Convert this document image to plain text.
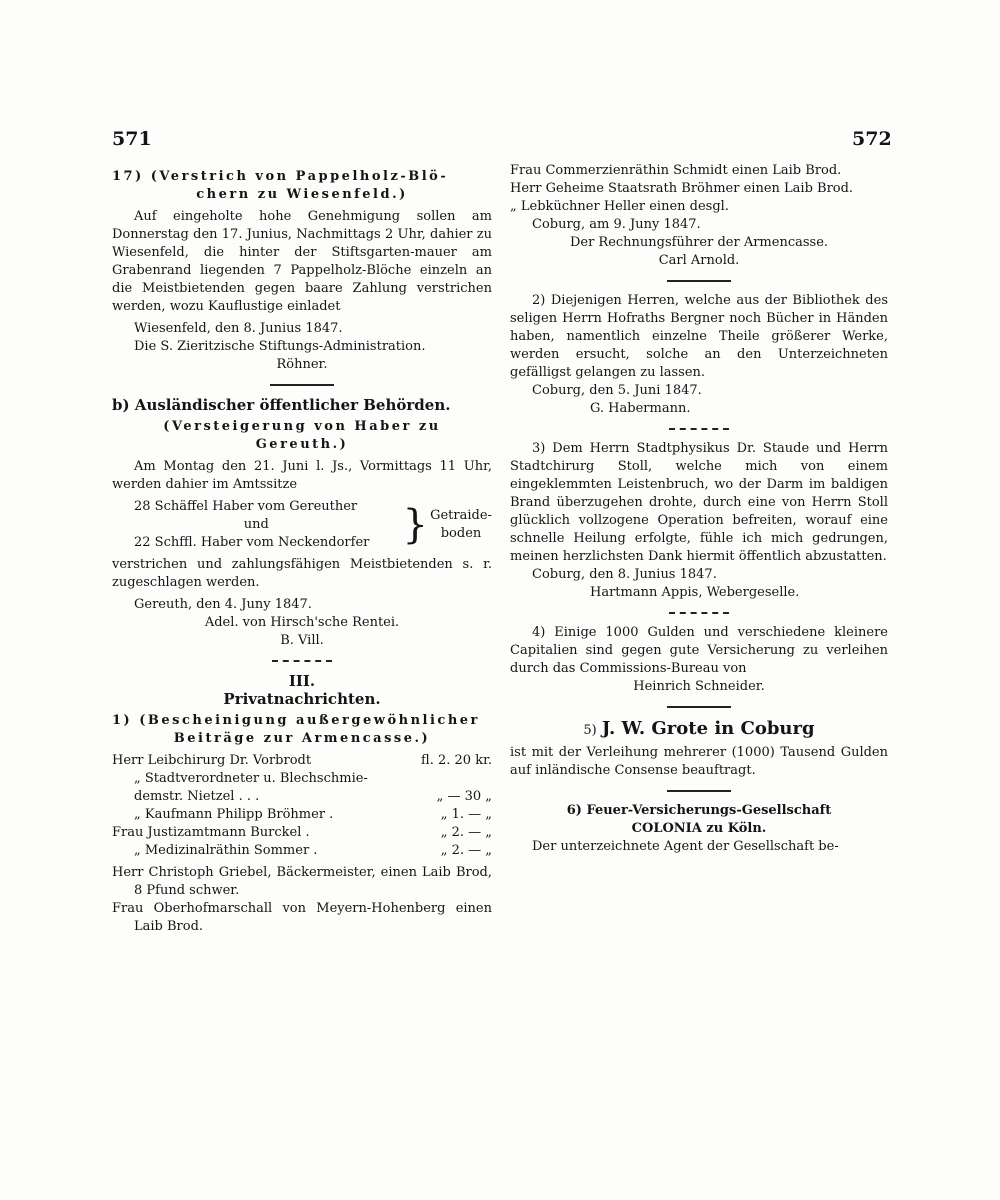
571	572

17) (Verstrich von Pappelholz-Blö-

chern zu Wiesenfeld.)

Auf eingeholte hohe Genehmigung sollen am Donnerstag den 17. Junius, Nachmittags 2 Uhr, dahier zu Wiesenfeld, die hinter der Stiftsgarten-mauer am Grabenrand liegenden 7 Pappelholz-Blöche einzeln an die Meistbietenden gegen baare Zahlung verstrichen werden, wozu Kauflustige einladet

Wiesenfeld, den 8. Junius 1847.

Die S. Zieritzische Stiftungs-Administration.

Röhner.

b) Ausländischer öffentlicher Behörden.

(Versteigerung von Haber zu

Gereuth.)

Am Montag den 21. Juni l. Js., Vormittags 11 Uhr, werden dahier im Amtssitze

28 Schäffel Haber vom Gereuther
und
22 Schffl. Haber vom Neckendorfer } Getraide-boden

verstrichen und zahlungsfähigen Meistbietenden s. r. zugeschlagen werden.

Gereuth, den 4. Juny 1847.

Adel. von Hirsch'sche Rentei.

B. Vill.

III.

Privatnachrichten.

1) (Bescheinigung außergewöhnlicher

Beiträge zur Armencasse.)

Herr Leibchirurg Dr. Vorbrodt	fl. 2. 20 kr.
„ Stadtverordneter u. Blechschmie-demstr. Nietzel . . .	„ — 30 „
„ Kaufmann Philipp Bröhmer .	„ 1. — „
Frau Justizamtmann Burckel .	„ 2. — „
„ Medizinalräthin Sommer .	„ 2. — „

Herr Christoph Griebel, Bäckermeister, einen Laib Brod, 8 Pfund schwer.

Frau Oberhofmarschall von Meyern-Hohenberg einen Laib Brod.

Frau Commerzienräthin Schmidt einen Laib Brod.

Herr Geheime Staatsrath Bröhmer einen Laib Brod.

„ Lebküchner Heller einen desgl.

Coburg, am 9. Juny 1847.

Der Rechnungsführer der Armencasse.

Carl Arnold.

2) Diejenigen Herren, welche aus der Bibliothek des seligen Herrn Hofraths Bergner noch Bücher in Händen haben, namentlich einzelne Theile größerer Werke, werden ersucht, solche an den Unterzeichneten gefälligst gelangen zu lassen.

Coburg, den 5. Juni 1847.

G. Habermann.

3) Dem Herrn Stadtphysikus Dr. Staude und Herrn Stadtchirurg Stoll, welche mich von einem eingeklemmten Leistenbruch, wo der Darm im baldigen Brand überzugehen drohte, durch eine von Herrn Stoll glücklich vollzogene Operation befreiten, worauf eine schnelle Heilung erfolgte, fühle ich mich gedrungen, meinen herzlichsten Dank hiermit öffentlich abzustatten.

Coburg, den 8. Junius 1847.

Hartmann Appis, Webergeselle.

4) Einige 1000 Gulden und verschiedene kleinere Capitalien sind gegen gute Versicherung zu verleihen durch das Commissions-Bureau von

Heinrich Schneider.

5) J. W. Grote in Coburg

ist mit der Verleihung mehrerer (1000) Tausend Gulden auf inländische Consense beauftragt.

6) Feuer-Versicherungs-Gesellschaft

COLONIA zu Köln.

Der unterzeichnete Agent der Gesellschaft be-
